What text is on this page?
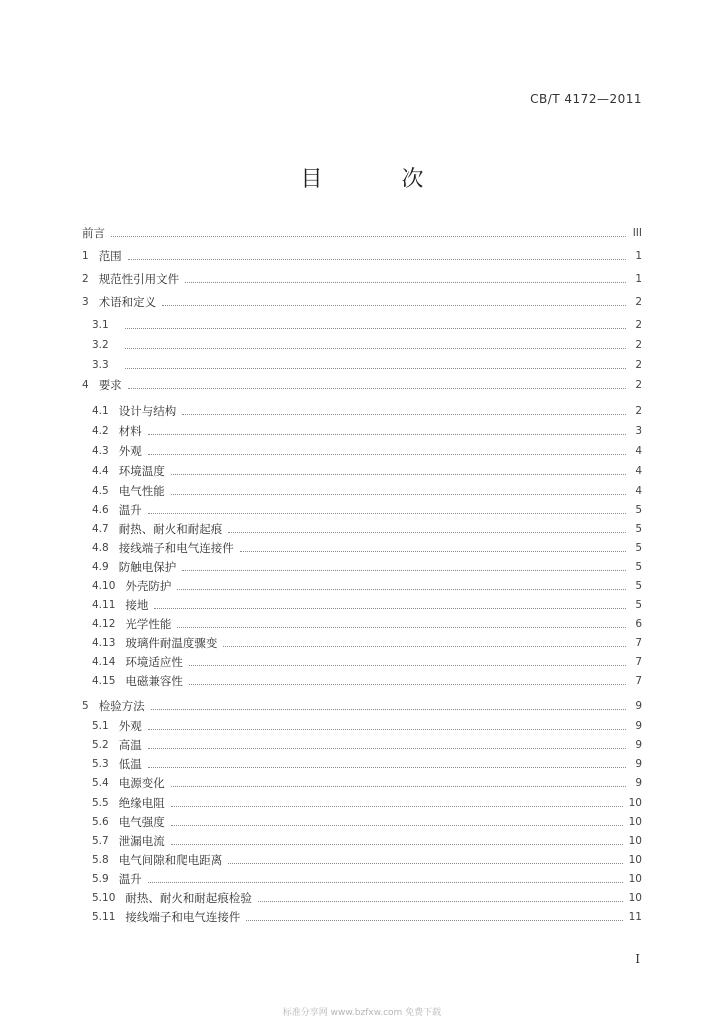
CB/T 4172—2011
目 次
前言	III
1 范围	1
2 规范性引用文件	1
3 术语和定义	2
3.1	2
3.2	2
3.3	2
4 要求	2
4.1 设计与结构	2
4.2 材料	3
4.3 外观	4
4.4 环境温度	4
4.5 电气性能	4
4.6 温升	5
4.7 耐热、耐火和耐起痕	5
4.8 接线端子和电气连接件	5
4.9 防触电保护	5
4.10 外壳防护	5
4.11 接地	5
4.12 光学性能	6
4.13 玻璃件耐温度骤变	7
4.14 环境适应性	7
4.15 电磁兼容性	7
5 检验方法	9
5.1 外观	9
5.2 高温	9
5.3 低温	9
5.4 电源变化	9
5.5 绝缘电阻	10
5.6 电气强度	10
5.7 泄漏电流	10
5.8 电气间隙和爬电距离	10
5.9 温升	10
5.10 耐热、耐火和耐起痕检验	10
5.11 接线端子和电气连接件	11
I
标准分享网 www.bzfxw.com 免费下载
